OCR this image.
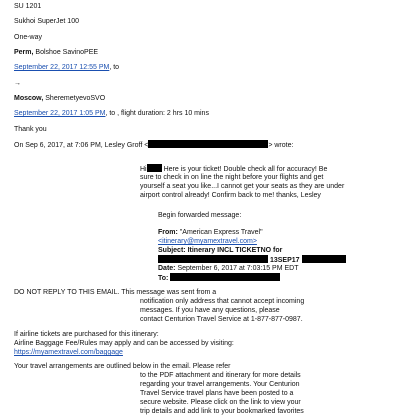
SU 1201
Sukhoi SuperJet 100
One-way
Perm, Bolshoe SavinoPEE
September 22, 2017 12:55 PM, to
→
Moscow, SheremetyevoSVO
September 22, 2017 1:05 PM, to , flight duration: 2 hrs 10 mins
Thank you
On Sep 6, 2017, at 7:06 PM, Lesley Groff <	> wrote:
Hi Here is your ticket! Double check all for accuracy! Be
sure to check in on line the night before your flights and get
yourself a seat you like...I cannot get your seats as they are under
airport control already! Confirm back to me! thanks, Lesley
Begin forwarded message:
From: "American Express Travel"
<itinerary@myamextravel.com>
Subject: Itinerary INCL TICKETNO for
13SEP17
Date: September 6, 2017 at 7:03:15 PM EDT
To:
DO NOT REPLY TO THIS EMAIL. This message was sent from a
notification only address that cannot accept incoming
messages. If you have any questions, please
contact Centurion Travel Service at 1-877-877-0987.
If airline tickets are purchased for this itinerary:
Airline Baggage Fee/Rules may apply and can be accessed by visiting:
https://myamextravel.com/baggage
Your travel arrangements are outlined below in the email. Please refer
to the PDF attachment and itinerary for more details
regarding your travel arrangements. Your Centurion
Travel Service travel plans have been posted to a
secure website. Please click on the link to view your
trip details and add link to your bookmarked favorites
